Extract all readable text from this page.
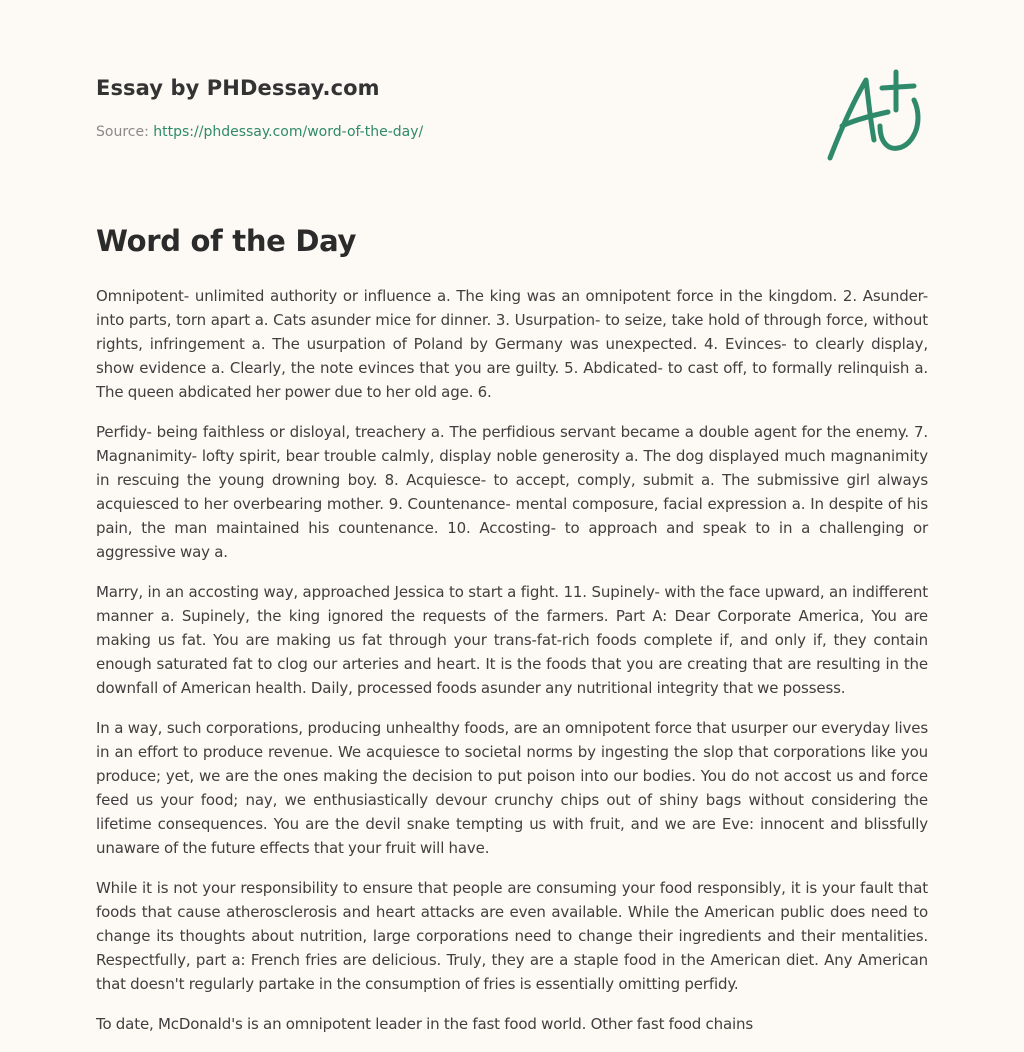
Essay by PHDessay.com
Source: https://phdessay.com/word-of-the-day/
Word of the Day

Omnipotent- unlimited authority or influence a. The king was an omnipotent force in the kingdom. 2. Asunder- into parts, torn apart a. Cats asunder mice for dinner. 3. Usurpation- to seize, take hold of through force, without rights, infringement a. The usurpation of Poland by Germany was unexpected. 4. Evinces- to clearly display, show evidence a. Clearly, the note evinces that you are guilty. 5. Abdicated- to cast off, to formally relinquish a. The queen abdicated her power due to her old age. 6.

Perfidy- being faithless or disloyal, treachery a. The perfidious servant became a double agent for the enemy. 7. Magnanimity- lofty spirit, bear trouble calmly, display noble generosity a. The dog displayed much magnanimity in rescuing the young drowning boy. 8. Acquiesce- to accept, comply, submit a. The submissive girl always acquiesced to her overbearing mother. 9. Countenance- mental composure, facial expression a. In despite of his pain, the man maintained his countenance. 10. Accosting- to approach and speak to in a challenging or aggressive way a.

Marry, in an accosting way, approached Jessica to start a fight. 11. Supinely- with the face upward, an indifferent manner a. Supinely, the king ignored the requests of the farmers. Part A: Dear Corporate America, You are making us fat. You are making us fat through your trans-fat-rich foods complete if, and only if, they contain enough saturated fat to clog our arteries and heart. It is the foods that you are creating that are resulting in the downfall of American health. Daily, processed foods asunder any nutritional integrity that we possess.

In a way, such corporations, producing unhealthy foods, are an omnipotent force that usurper our everyday lives in an effort to produce revenue. We acquiesce to societal norms by ingesting the slop that corporations like you produce; yet, we are the ones making the decision to put poison into our bodies. You do not accost us and force feed us your food; nay, we enthusiastically devour crunchy chips out of shiny bags without considering the lifetime consequences. You are the devil snake tempting us with fruit, and we are Eve: innocent and blissfully unaware of the future effects that your fruit will have.

While it is not your responsibility to ensure that people are consuming your food responsibly, it is your fault that foods that cause atherosclerosis and heart attacks are even available. While the American public does need to change its thoughts about nutrition, large corporations need to change their ingredients and their mentalities. Respectfully, part a: French fries are delicious. Truly, they are a staple food in the American diet. Any American that doesn't regularly partake in the consumption of fries is essentially omitting perfidy.

To date, McDonald's is an omnipotent leader in the fast food world. Other fast food chains
